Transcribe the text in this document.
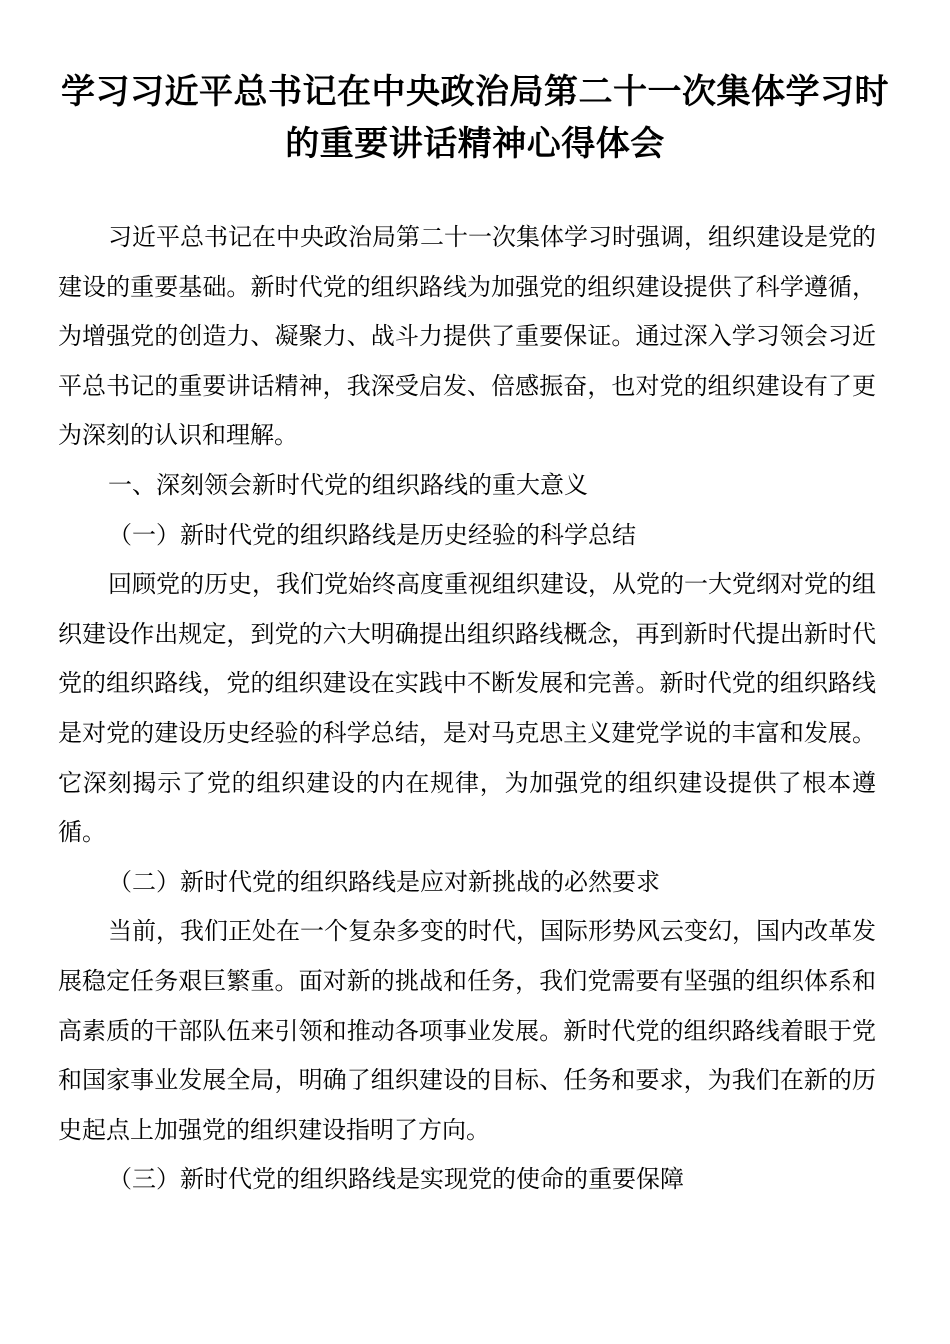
学习习近平总书记在中央政治局第二十一次集体学习时的重要讲话精神心得体会

习近平总书记在中央政治局第二十一次集体学习时强调，组织建设是党的建设的重要基础。新时代党的组织路线为加强党的组织建设提供了科学遵循，为增强党的创造力、凝聚力、战斗力提供了重要保证。通过深入学习领会习近平总书记的重要讲话精神，我深受启发、倍感振奋，也对党的组织建设有了更为深刻的认识和理解。

一、深刻领会新时代党的组织路线的重大意义

（一）新时代党的组织路线是历史经验的科学总结

回顾党的历史，我们党始终高度重视组织建设，从党的一大党纲对党的组织建设作出规定，到党的六大明确提出组织路线概念，再到新时代提出新时代党的组织路线，党的组织建设在实践中不断发展和完善。新时代党的组织路线是对党的建设历史经验的科学总结，是对马克思主义建党学说的丰富和发展。它深刻揭示了党的组织建设的内在规律，为加强党的组织建设提供了根本遵循。

（二）新时代党的组织路线是应对新挑战的必然要求

当前，我们正处在一个复杂多变的时代，国际形势风云变幻，国内改革发展稳定任务艰巨繁重。面对新的挑战和任务，我们党需要有坚强的组织体系和高素质的干部队伍来引领和推动各项事业发展。新时代党的组织路线着眼于党和国家事业发展全局，明确了组织建设的目标、任务和要求，为我们在新的历史起点上加强党的组织建设指明了方向。

（三）新时代党的组织路线是实现党的使命的重要保障
